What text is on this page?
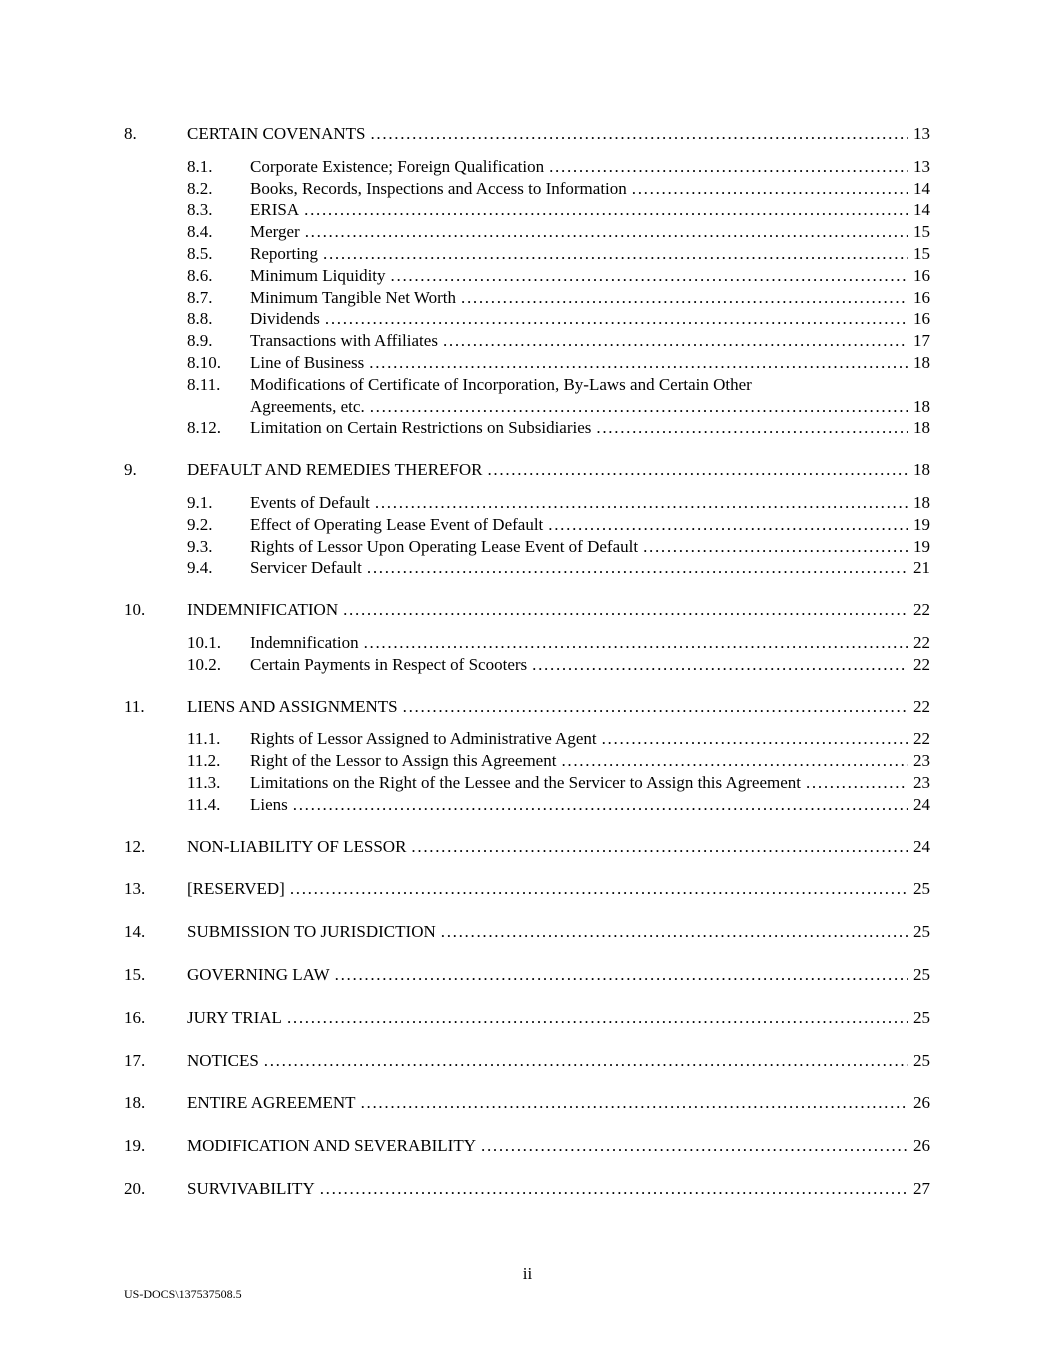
8.	CERTAIN COVENANTS .....	13
8.1.	Corporate Existence; Foreign Qualification .....	13
8.2.	Books, Records, Inspections and Access to Information .....	14
8.3.	ERISA .....	14
8.4.	Merger .....	15
8.5.	Reporting .....	15
8.6.	Minimum Liquidity .....	16
8.7.	Minimum Tangible Net Worth .....	16
8.8.	Dividends .....	16
8.9.	Transactions with Affiliates .....	17
8.10.	Line of Business .....	18
8.11.	Modifications of Certificate of Incorporation, By-Laws and Certain Other
Agreements, etc. .....	18
8.12.	Limitation on Certain Restrictions on Subsidiaries .....	18
9.	DEFAULT AND REMEDIES THEREFOR .....	18
9.1.	Events of Default .....	18
9.2.	Effect of Operating Lease Event of Default .....	19
9.3.	Rights of Lessor Upon Operating Lease Event of Default .....	19
9.4.	Servicer Default .....	21
10.	INDEMNIFICATION .....	22
10.1.	Indemnification .....	22
10.2.	Certain Payments in Respect of Scooters .....	22
11.	LIENS AND ASSIGNMENTS .....	22
11.1.	Rights of Lessor Assigned to Administrative Agent .....	22
11.2.	Right of the Lessor to Assign this Agreement .....	23
11.3.	Limitations on the Right of the Lessee and the Servicer to Assign this Agreement .....	23
11.4.	Liens .....	24
12.	NON-LIABILITY OF LESSOR .....	24
13.	[RESERVED] .....	25
14.	SUBMISSION TO JURISDICTION .....	25
15.	GOVERNING LAW .....	25
16.	JURY TRIAL .....	25
17.	NOTICES .....	25
18.	ENTIRE AGREEMENT .....	26
19.	MODIFICATION AND SEVERABILITY .....	26
20.	SURVIVABILITY .....	27
ii
US-DOCS\137537508.5
